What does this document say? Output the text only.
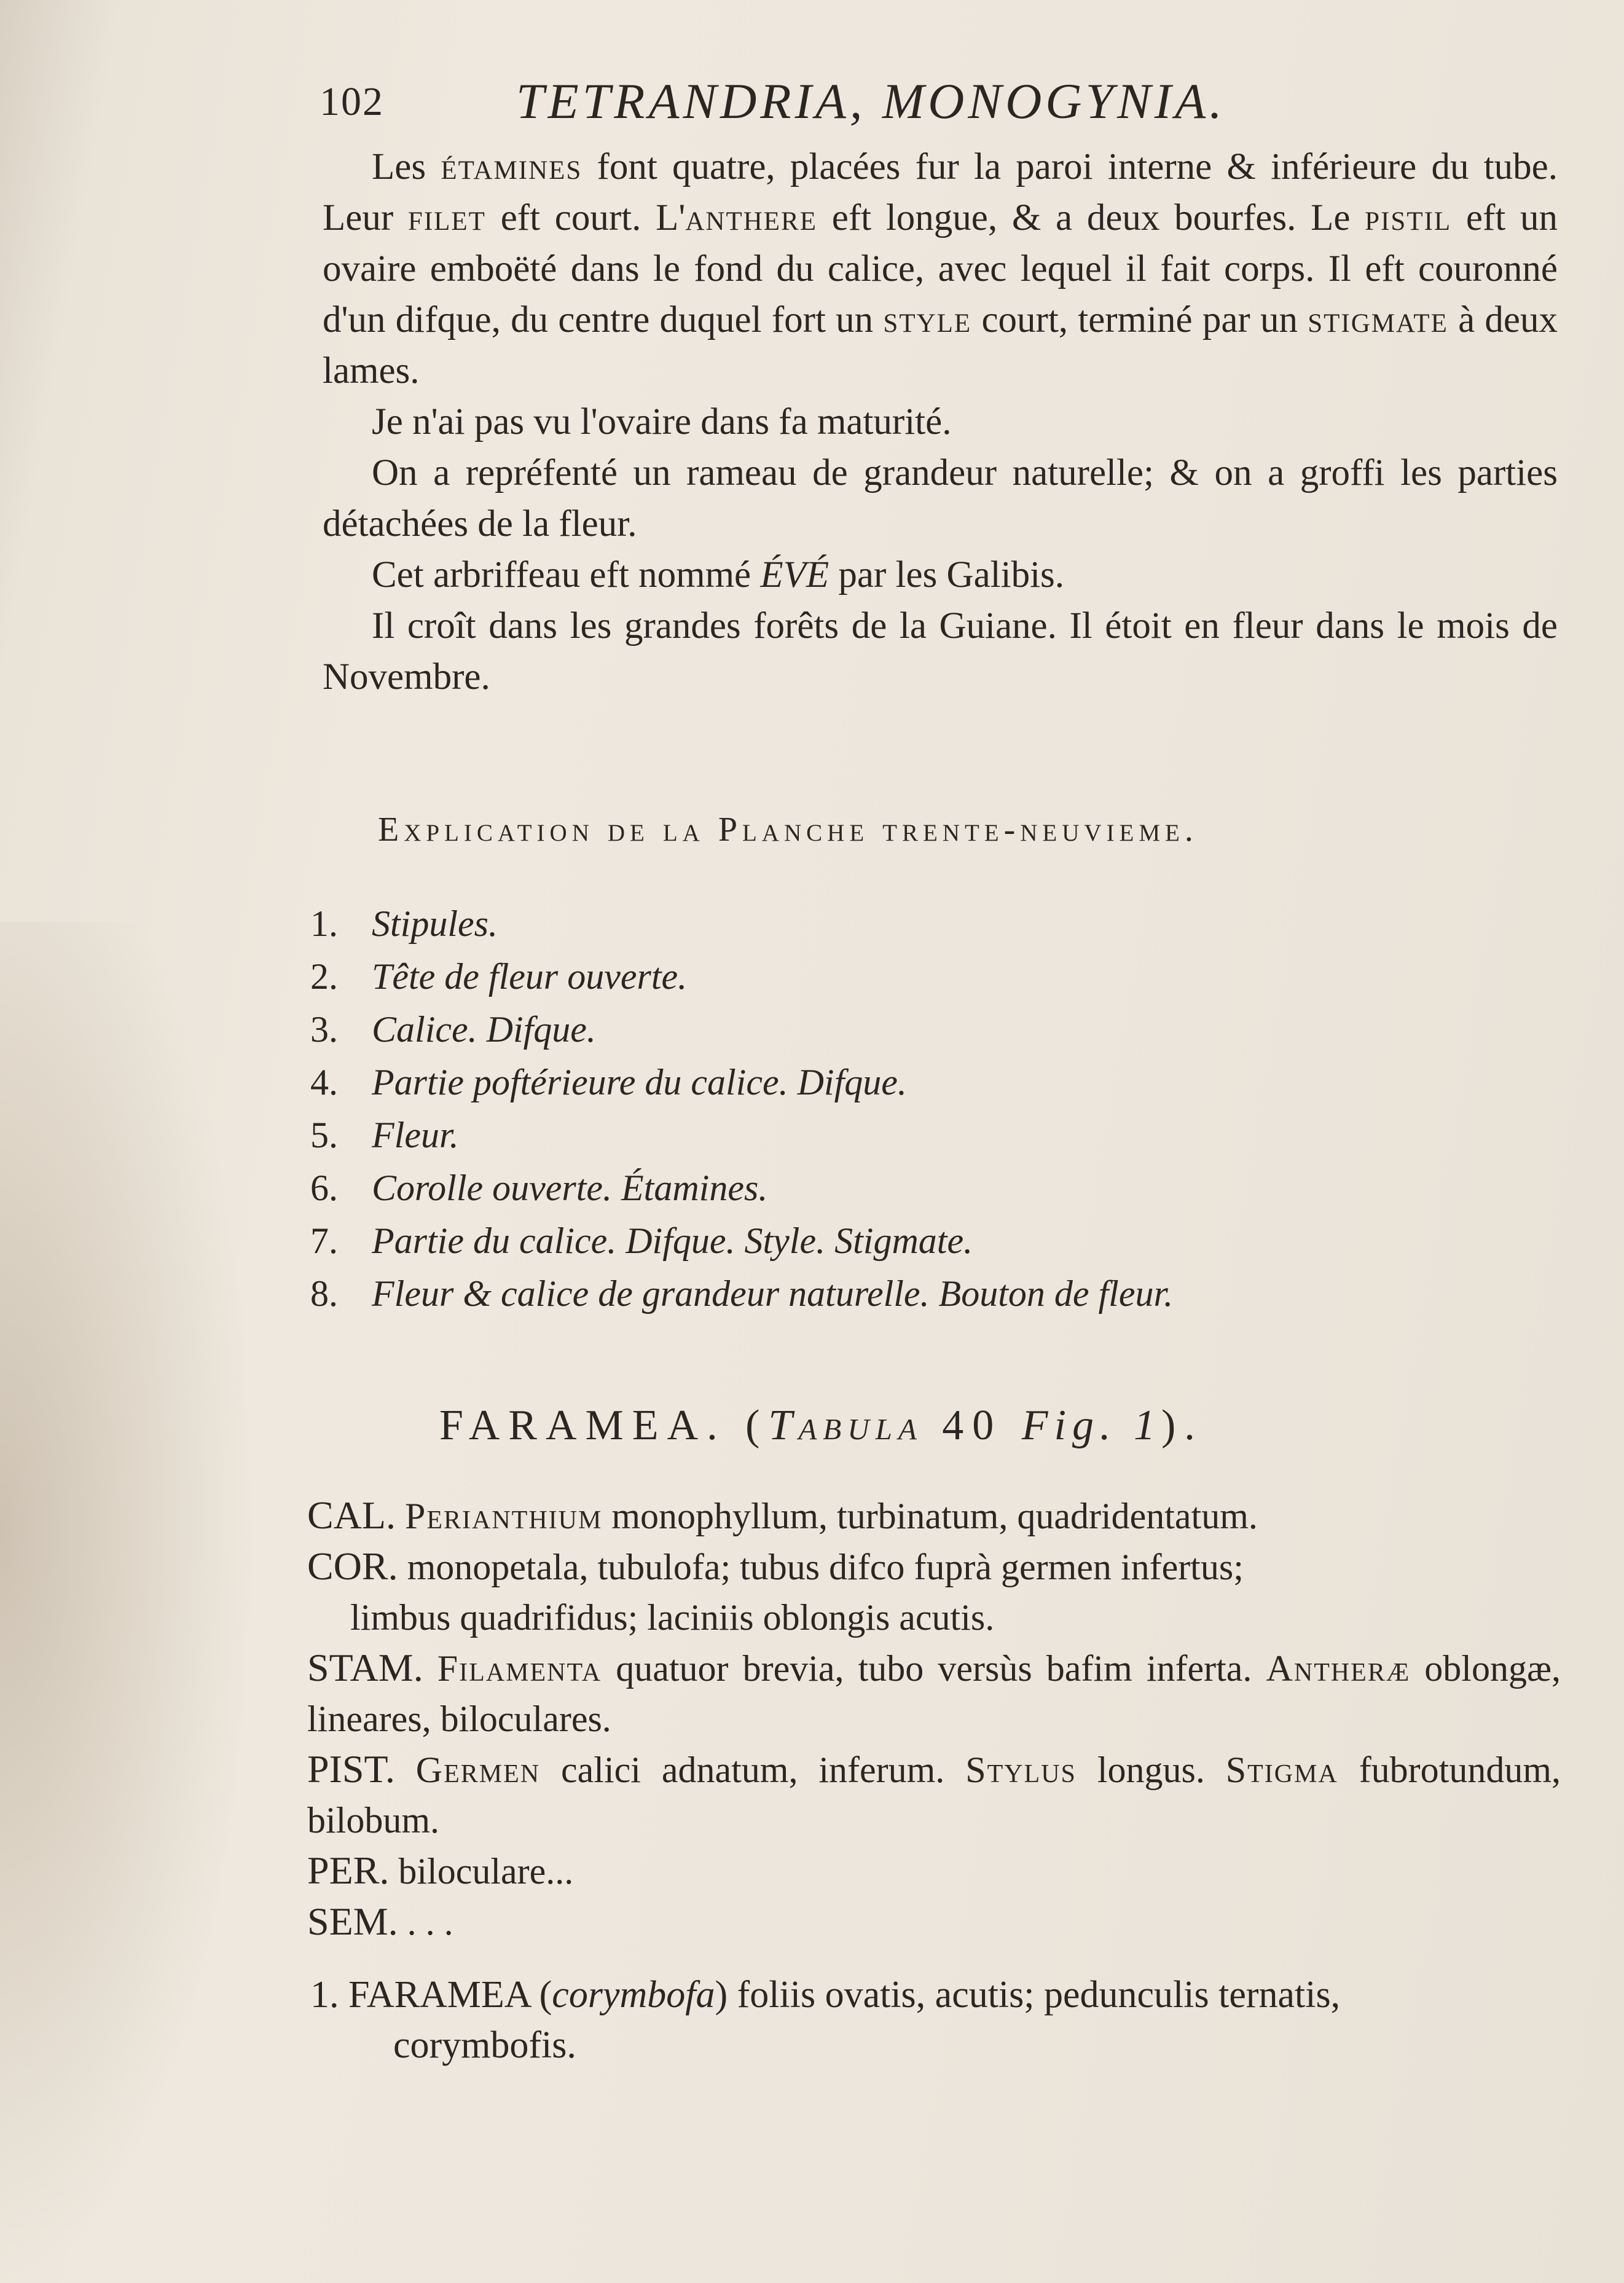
102	TETRANDRIA, MONOGYNIA.

Les étamines font quatre, placées fur la paroi interne & inférieure du tube. Leur filet eft court. L'anthere eft longue, & a deux bourfes. Le pistil eft un ovaire emboëté dans le fond du calice, avec lequel il fait corps. Il eft couronné d'un difque, du centre duquel fort un style court, terminé par un stigmate à deux lames.

Je n'ai pas vu l'ovaire dans fa maturité.

On a repréfenté un rameau de grandeur naturelle; & on a groffi les parties détachées de la fleur.

Cet arbriffeau eft nommé ÉVÉ par les Galibis.

Il croît dans les grandes forêts de la Guiane. Il étoit en fleur dans le mois de Novembre.

Explication de la Planche trente-neuvieme.
1. Stipules.
2. Tête de fleur ouverte.
3. Calice. Difque.
4. Partie poftérieure du calice. Difque.
5. Fleur.
6. Corolle ouverte. Étamines.
7. Partie du calice. Difque. Style. Stigmate.
8. Fleur & calice de grandeur naturelle. Bouton de fleur.
FARAMEA. (Tabula 40 Fig. 1).

CAL. Perianthium monophyllum, turbinatum, quadridentatum.

COR. monopetala, tubulofa; tubus difco fuprà germen infertus;

limbus quadrifidus; laciniis oblongis acutis.

STAM. Filamenta quatuor brevia, tubo versùs bafim inferta. Antheræ oblongæ, lineares, biloculares.

PIST. Germen calici adnatum, inferum. Stylus longus. Stigma fubrotundum, bilobum.

PER. biloculare...

SEM. . . .

1. FARAMEA (corymbofa) foliis ovatis, acutis; pedunculis ternatis,
corymbofis.
